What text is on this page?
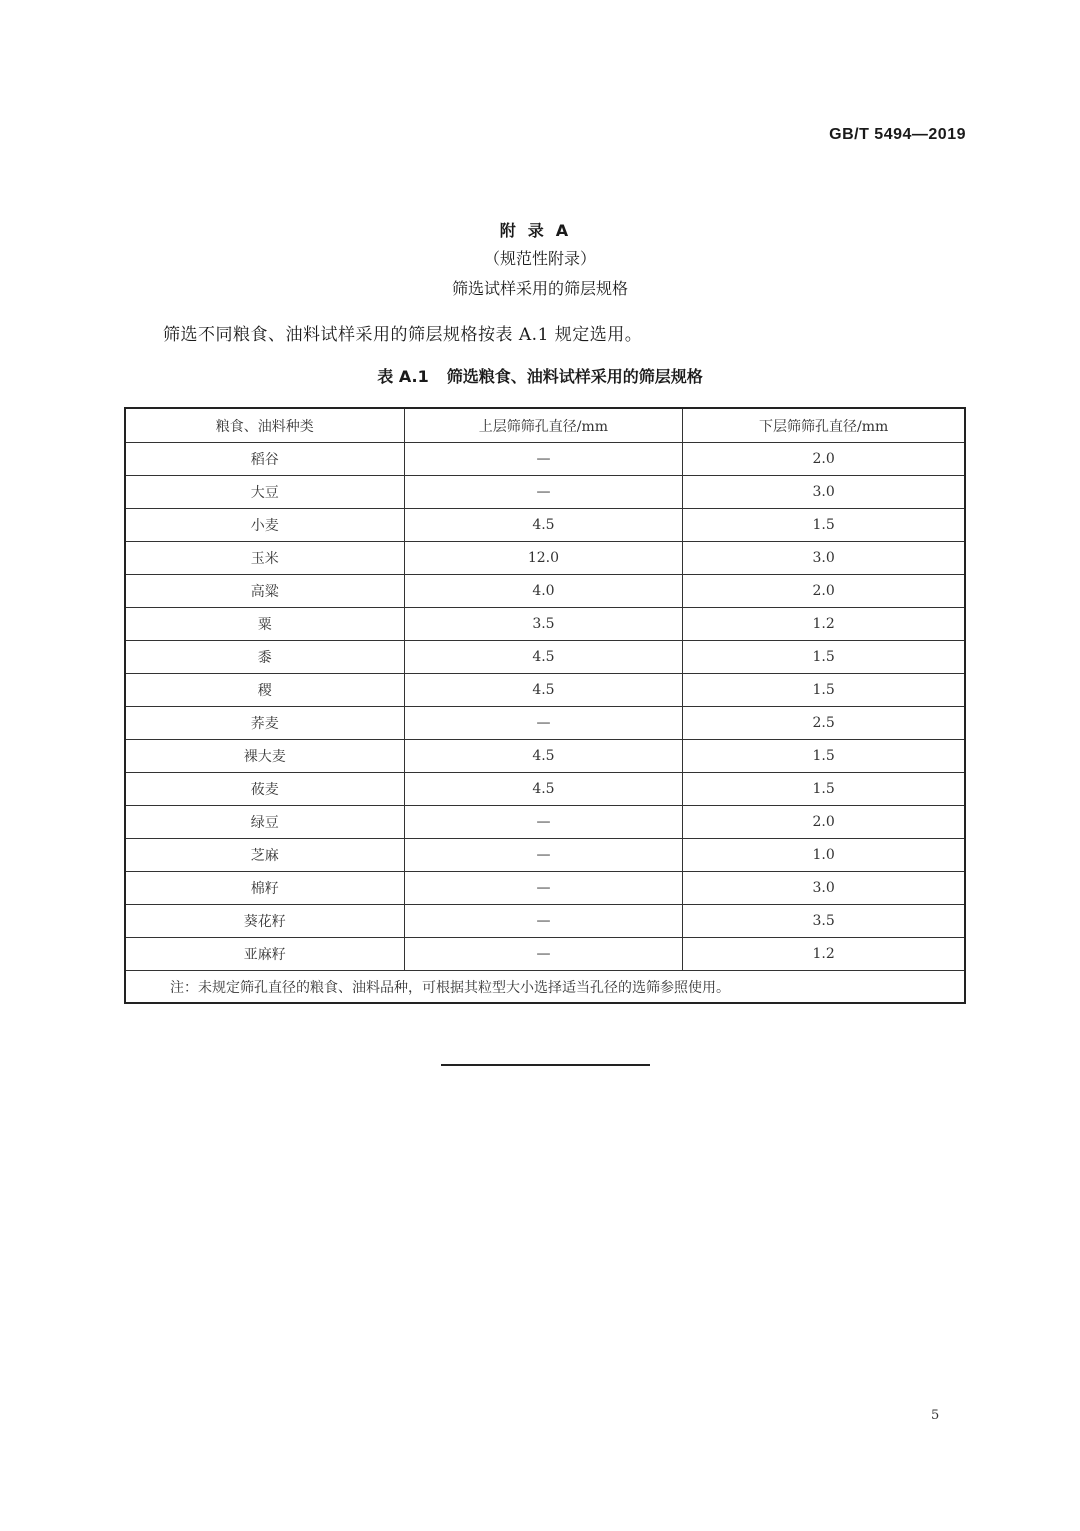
GB/T 5494—2019
附录A
（规范性附录）
筛选试样采用的筛层规格
筛选不同粮食、油料试样采用的筛层规格按表 A.1 规定选用。
表 A.1 筛选粮食、油料试样采用的筛层规格
粮食、油料种类	上层筛筛孔直径/mm	下层筛筛孔直径/mm
稻谷	—	2.0
大豆	—	3.0
小麦	4.5	1.5
玉米	12.0	3.0
高粱	4.0	2.0
粟	3.5	1.2
黍	4.5	1.5
稷	4.5	1.5
荞麦	—	2.5
裸大麦	4.5	1.5
莜麦	4.5	1.5
绿豆	—	2.0
芝麻	—	1.0
棉籽	—	3.0
葵花籽	—	3.5
亚麻籽	—	1.2
注：未规定筛孔直径的粮食、油料品种，可根据其粒型大小选择适当孔径的选筛参照使用。		
5
